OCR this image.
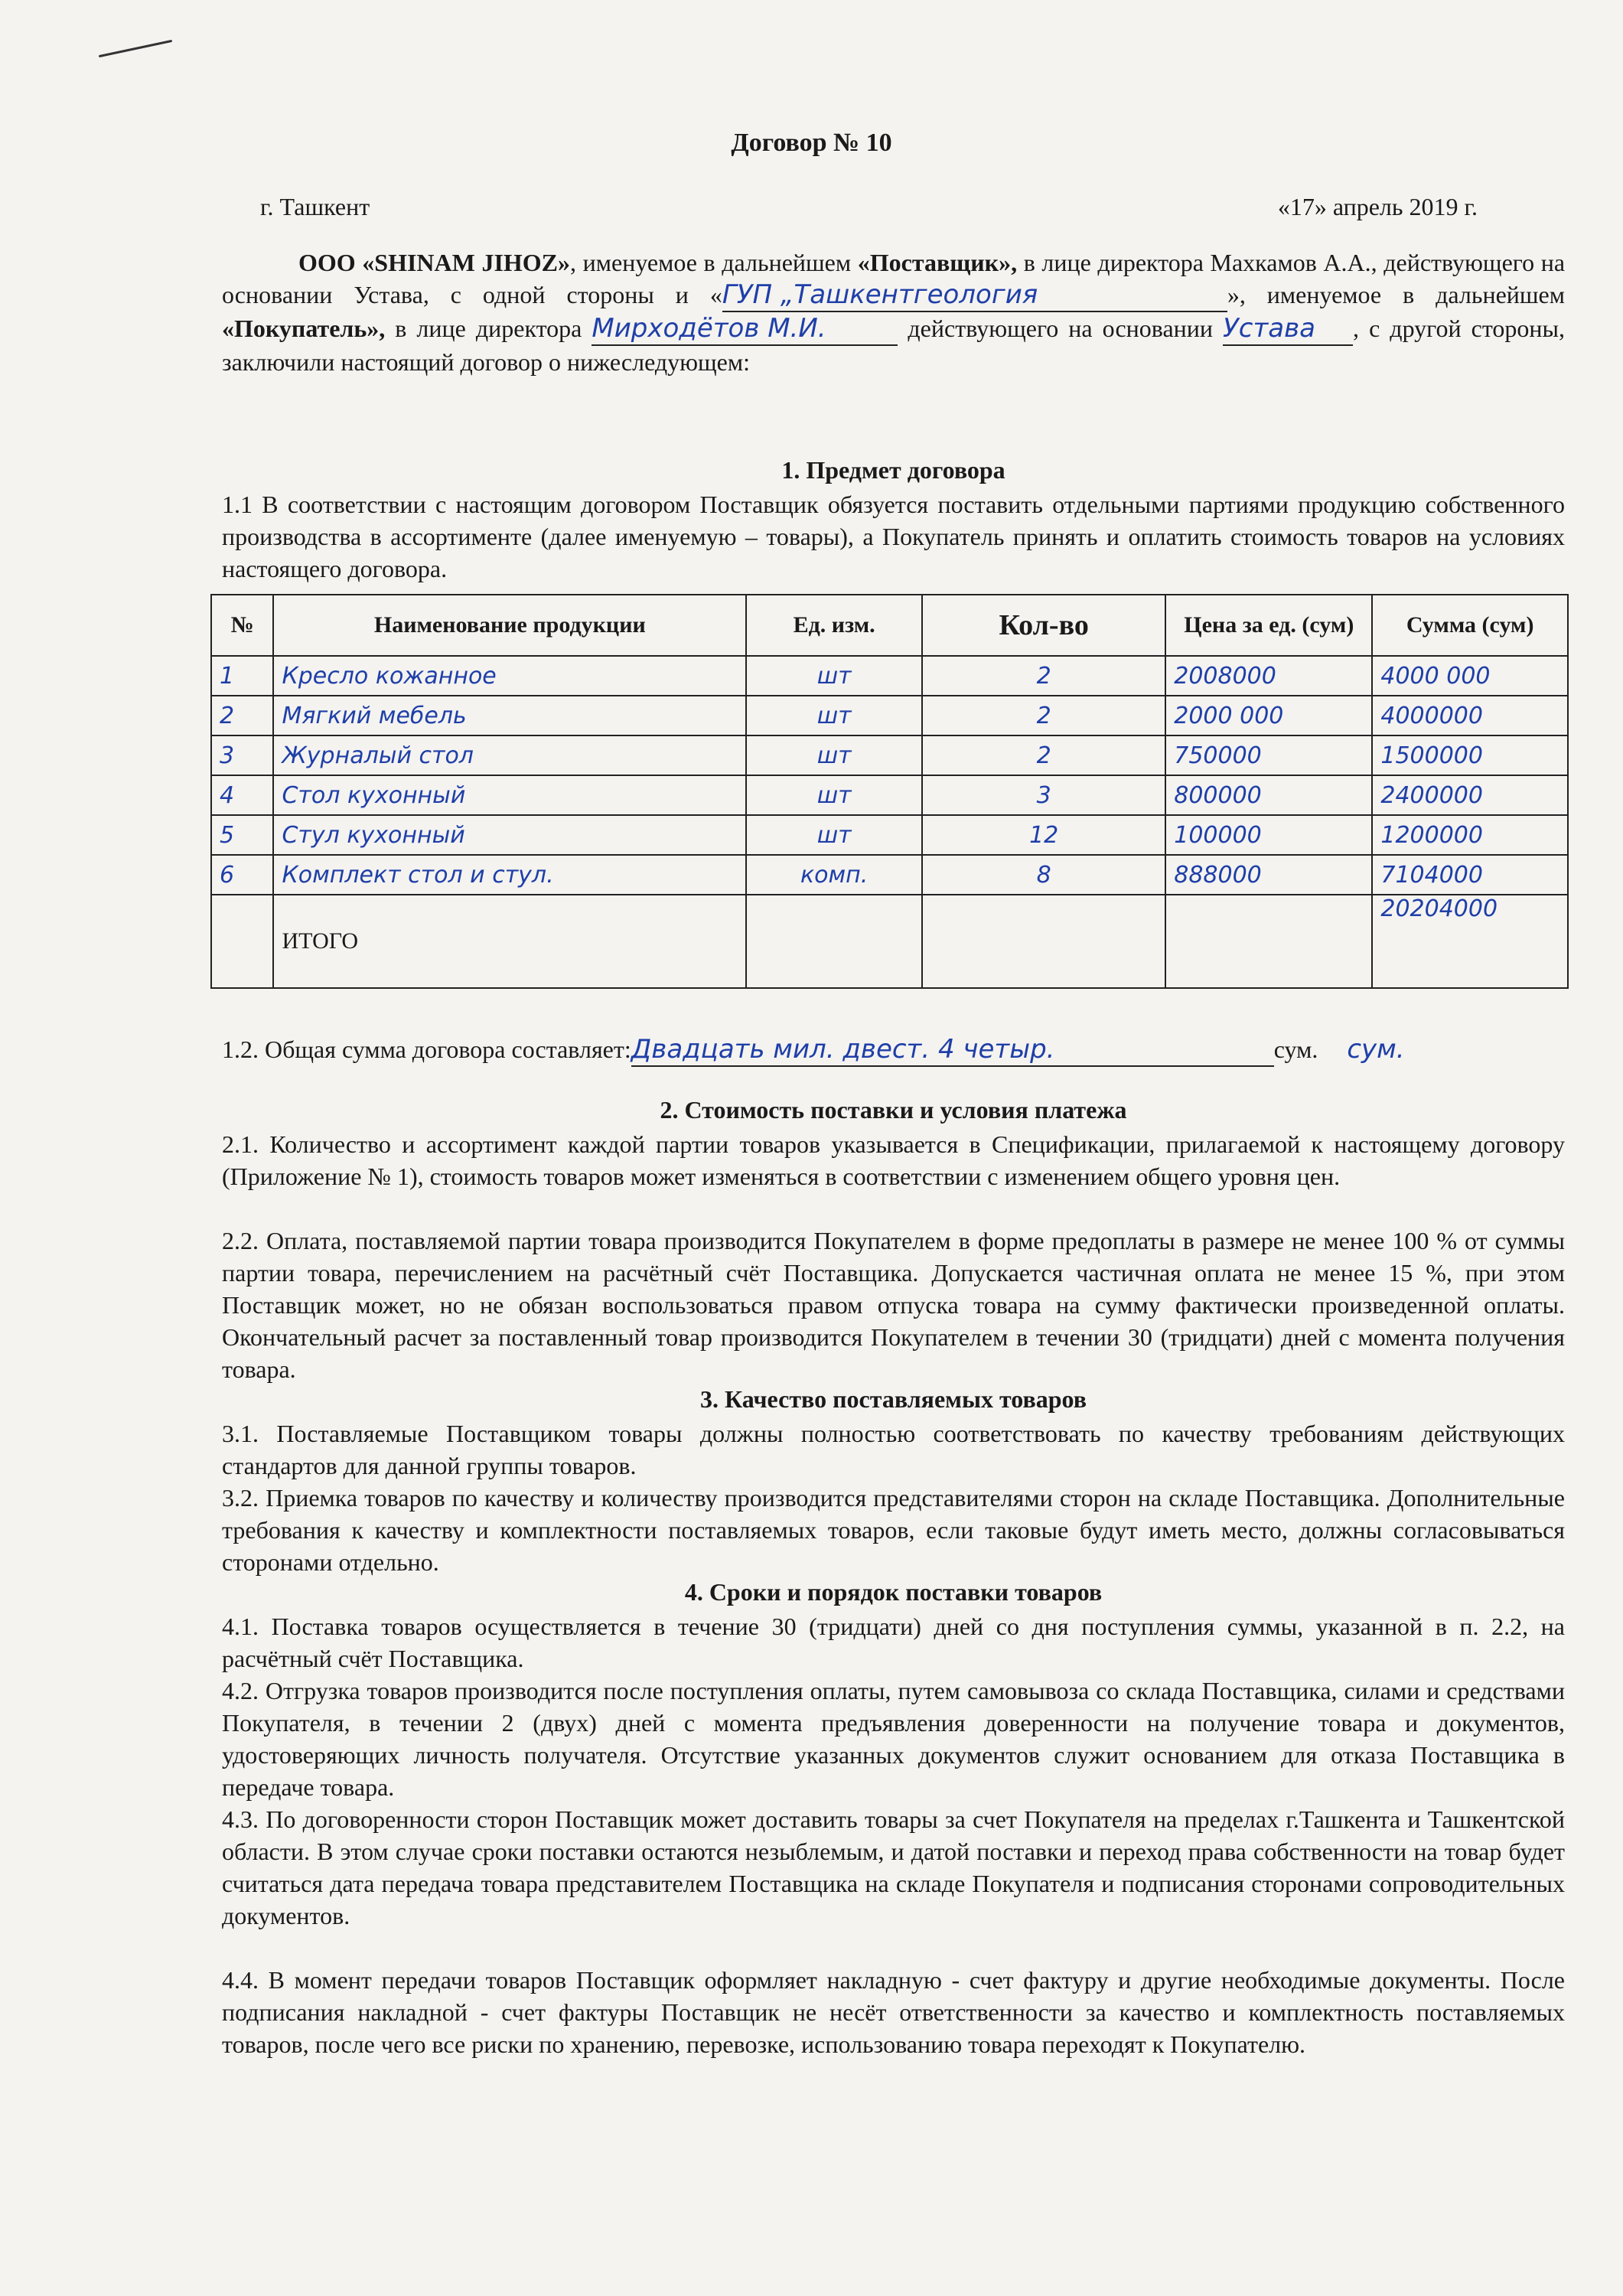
Договор № 10
г. Ташкент	«17» апрель 2019 г.
ООО «SHINAM JIHOZ», именуемое в дальнейшем «Поставщик», в лице директора Махкамов А.А., действующего на основании Устава, с одной стороны и «ГУП „Ташкентгеология	», именуемое в дальнейшем «Покупатель», в лице директора Мирходётов М.И.	действующего на основании Устава , с другой стороны, заключили настоящий договор о нижеследующем:
1. Предмет договора
1.1 В соответствии с настоящим договором Поставщик обязуется поставить отдельными партиями продукцию собственного производства в ассортименте (далее именуемую – товары), а Покупатель принять и оплатить стоимость товаров на условиях настоящего договора.
№	Наименование продукции	Ед. изм.	Кол-во	Цена за ед. (сум)	Сумма (сум)
1	Кресло кожанное	шт	2	2008000	4000 000
2	Мягкий мебель	шт	2	2000 000	4000000
3	Журналый стол	шт	2	750000	1500000
4	Стол кухонный	шт	3	800000	2400000
5	Стул кухонный	шт	12	100000	1200000
6	Комплект стол и стул.	комп.	8	888000	7104000
	ИТОГО				20204000
1.2. Общая сумма договора составляет:Двадцать мил. двест. 4 четыр.	сум. сум.
2. Стоимость поставки и условия платежа
2.1. Количество и ассортимент каждой партии товаров указывается в Спецификации, прилагаемой к настоящему договору (Приложение № 1), стоимость товаров может изменяться в соответствии с изменением общего уровня цен.
2.2. Оплата, поставляемой партии товара производится Покупателем в форме предоплаты в размере не менее 100 % от суммы партии товара, перечислением на расчётный счёт Поставщика. Допускается частичная оплата не менее 15 %, при этом Поставщик может, но не обязан воспользоваться правом отпуска товара на сумму фактически произведенной оплаты. Окончательный расчет за поставленный товар производится Покупателем в течении 30 (тридцати) дней с момента получения товара.
3. Качество поставляемых товаров
3.1. Поставляемые Поставщиком товары должны полностью соответствовать по качеству требованиям действующих стандартов для данной группы товаров.
3.2. Приемка товаров по качеству и количеству производится представителями сторон на складе Поставщика. Дополнительные требования к качеству и комплектности поставляемых товаров, если таковые будут иметь место, должны согласовываться сторонами отдельно.
4. Сроки и порядок поставки товаров
4.1. Поставка товаров осуществляется в течение 30 (тридцати) дней со дня поступления суммы, указанной в п. 2.2, на расчётный счёт Поставщика.
4.2. Отгрузка товаров производится после поступления оплаты, путем самовывоза со склада Поставщика, силами и средствами Покупателя, в течении 2 (двух) дней с момента предъявления доверенности на получение товара и документов, удостоверяющих личность получателя. Отсутствие указанных документов служит основанием для отказа Поставщика в передаче товара.
4.3. По договоренности сторон Поставщик может доставить товары за счет Покупателя на пределах г.Ташкента и Ташкентской области. В этом случае сроки поставки остаются незыблемым, и датой поставки и переход права собственности на товар будет считаться дата передача товара представителем Поставщика на складе Покупателя и подписания сторонами сопроводительных документов.
4.4. В момент передачи товаров Поставщик оформляет накладную - счет фактуру и другие необходимые документы. После подписания накладной - счет фактуры Поставщик не несёт ответственности за качество и комплектность поставляемых товаров, после чего все риски по хранению, перевозке, использованию товара переходят к Покупателю.
